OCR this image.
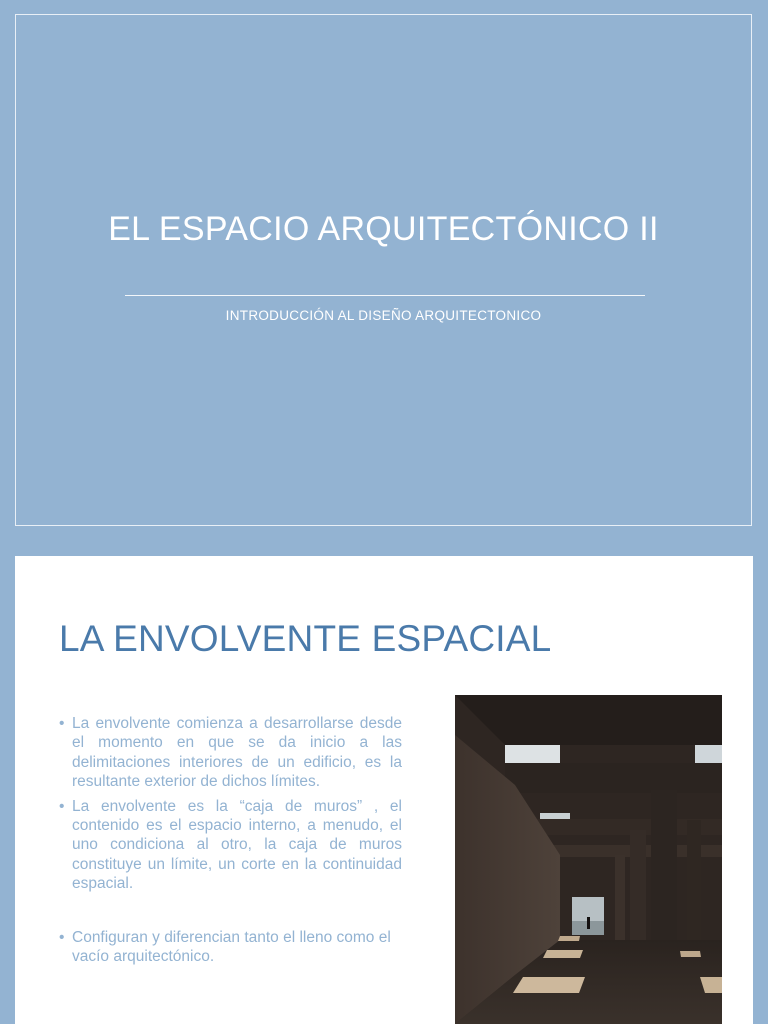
EL ESPACIO ARQUITECTÓNICO II
INTRODUCCIÓN AL DISEÑO ARQUITECTONICO
LA ENVOLVENTE ESPACIAL
• La envolvente comienza a desarrollarse desde el momento en que se da inicio a las delimitaciones interiores de un edificio, es la resultante exterior de dichos límites.
• La envolvente es la “caja de muros” , el contenido es el espacio interno, a menudo, el uno condiciona al otro, la caja de muros constituye un límite, un corte en la continuidad espacial.
• Configuran y diferencian tanto el lleno como el vacío arquitectónico.
